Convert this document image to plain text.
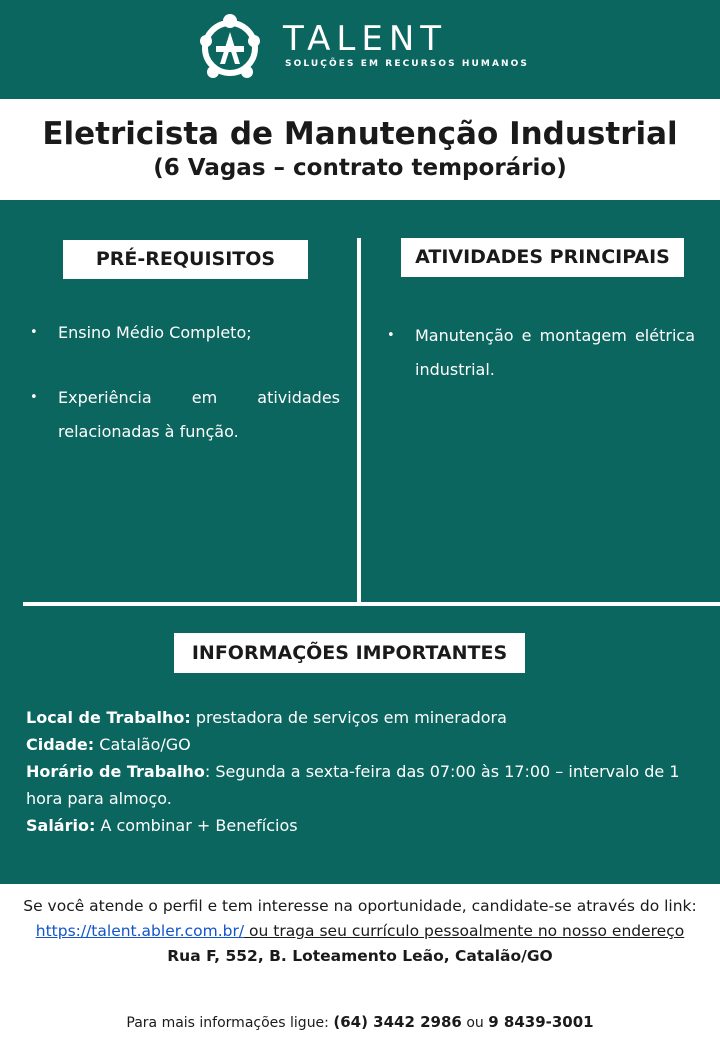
TALENT
SOLUÇÕES EM RECURSOS HUMANOS
Eletricista de Manutenção Industrial
(6 Vagas – contrato temporário)
PRÉ-REQUISITOS
• Ensino Médio Completo;
• Experiência em atividades relacionadas à função.
ATIVIDADES PRINCIPAIS
• Manutenção e montagem elétrica industrial.
INFORMAÇÕES IMPORTANTES

Local de Trabalho: prestadora de serviços em mineradora

Cidade: Catalão/GO

Horário de Trabalho: Segunda a sexta-feira das 07:00 às 17:00 – intervalo de 1 hora para almoço.

Salário: A combinar + Benefícios

Se você atende o perfil e tem interesse na oportunidade, candidate-se através do link: https://talent.abler.com.br/ ou traga seu currículo pessoalmente no nosso endereço Rua F, 552, B. Loteamento Leão, Catalão/GO
Para mais informações ligue: (64) 3442 2986 ou 9 8439-3001
